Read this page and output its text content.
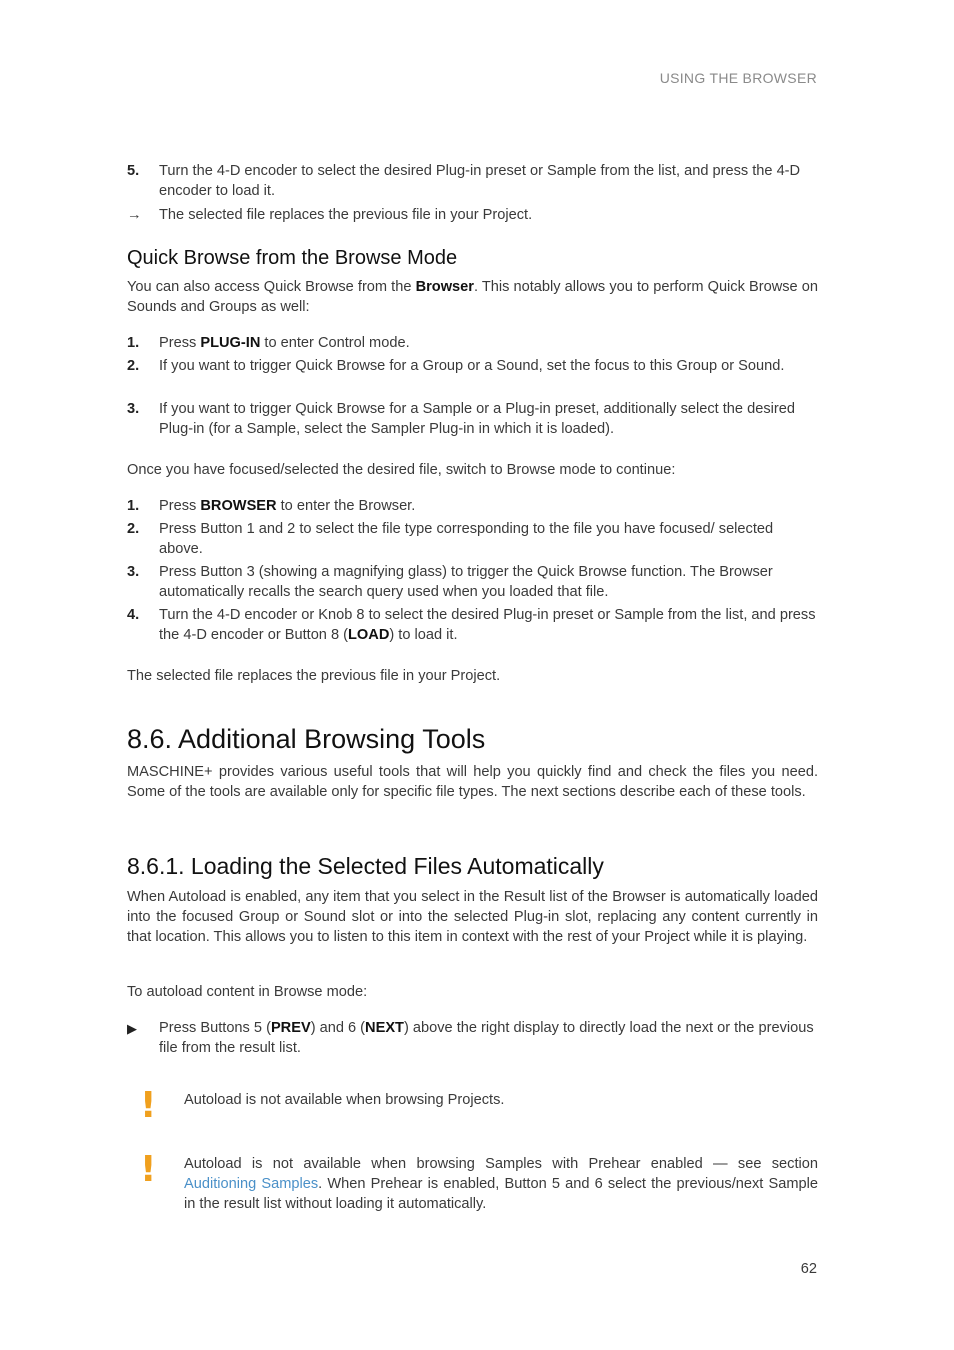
USING THE BROWSER
5. Turn the 4-D encoder to select the desired Plug-in preset or Sample from the list, and press the 4-D encoder to load it.
→ The selected file replaces the previous file in your Project.
Quick Browse from the Browse Mode
You can also access Quick Browse from the Browser. This notably allows you to perform Quick Browse on Sounds and Groups as well:
1. Press PLUG-IN to enter Control mode.
2. If you want to trigger Quick Browse for a Group or a Sound, set the focus to this Group or Sound.
3. If you want to trigger Quick Browse for a Sample or a Plug-in preset, additionally select the desired Plug-in (for a Sample, select the Sampler Plug-in in which it is loaded).
Once you have focused/selected the desired file, switch to Browse mode to continue:
1. Press BROWSER to enter the Browser.
2. Press Button 1 and 2 to select the file type corresponding to the file you have focused/ selected above.
3. Press Button 3 (showing a magnifying glass) to trigger the Quick Browse function. The Browser automatically recalls the search query used when you loaded that file.
4. Turn the 4-D encoder or Knob 8 to select the desired Plug-in preset or Sample from the list, and press the 4-D encoder or Button 8 (LOAD) to load it.
The selected file replaces the previous file in your Project.
8.6. Additional Browsing Tools
MASCHINE+ provides various useful tools that will help you quickly find and check the files you need. Some of the tools are available only for specific file types. The next sections describe each of these tools.
8.6.1. Loading the Selected Files Automatically
When Autoload is enabled, any item that you select in the Result list of the Browser is automatically loaded into the focused Group or Sound slot or into the selected Plug-in slot, replacing any content currently in that location. This allows you to listen to this item in context with the rest of your Project while it is playing.
To autoload content in Browse mode:
▶ Press Buttons 5 (PREV) and 6 (NEXT) above the right display to directly load the next or the previous file from the result list.
! Autoload is not available when browsing Projects.
! Autoload is not available when browsing Samples with Prehear enabled — see section Auditioning Samples. When Prehear is enabled, Button 5 and 6 select the previous/next Sample in the result list without loading it automatically.
62
